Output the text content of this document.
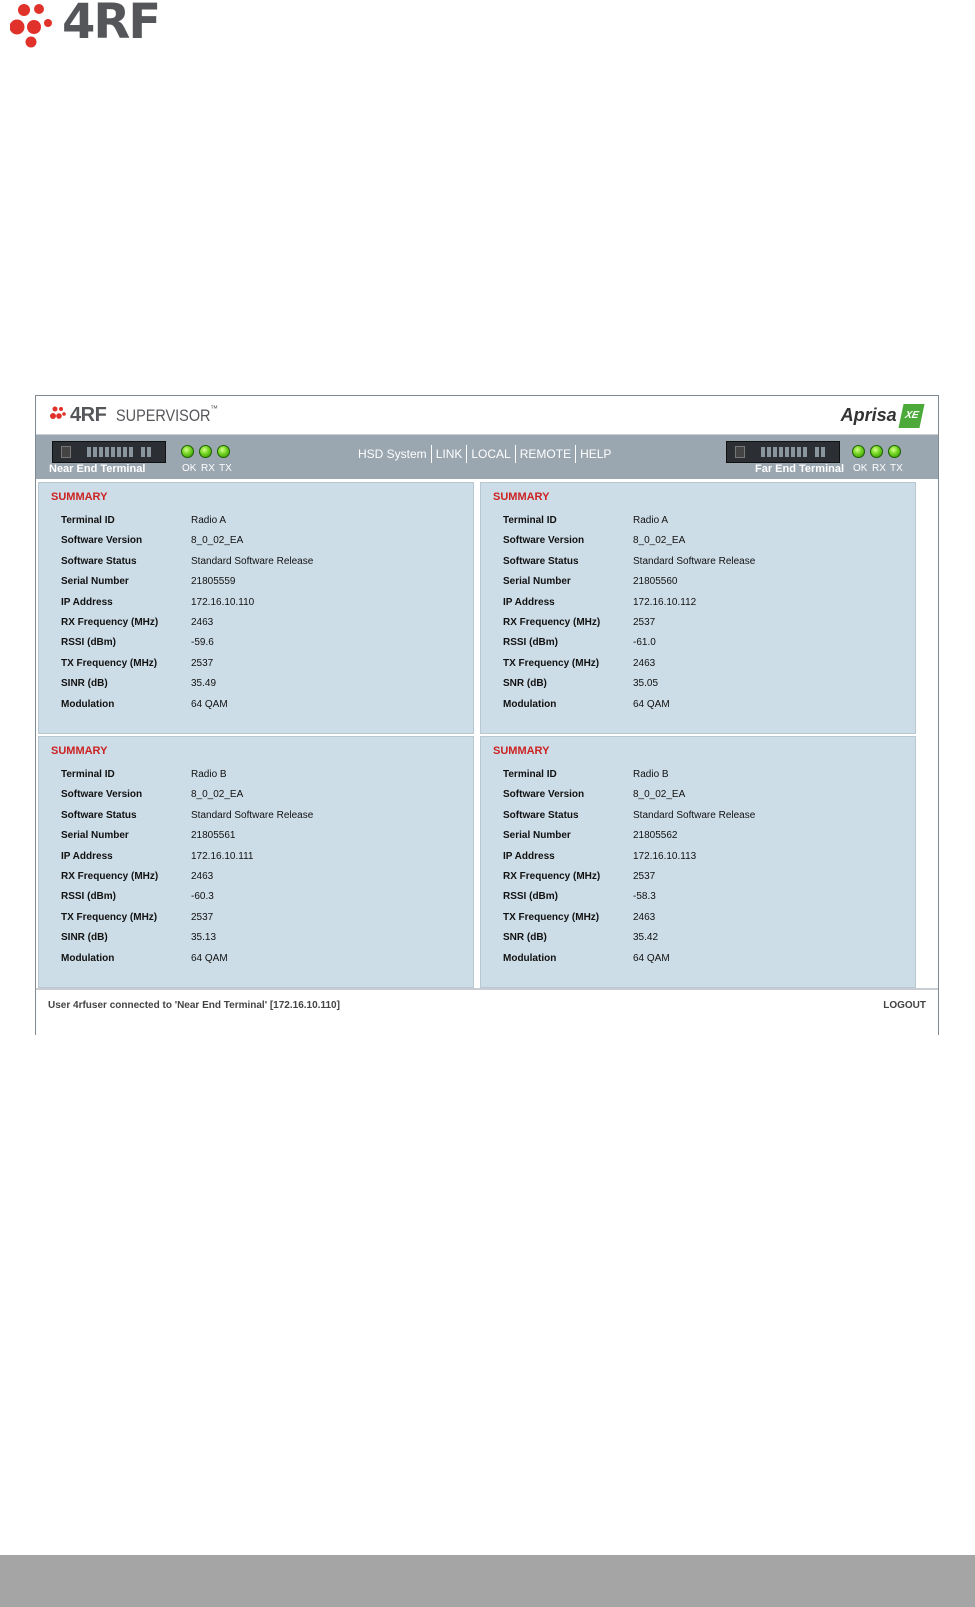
4RF
4RF SUPERVISOR ™	Aprisa XE
Near End Terminal	OK RX TX
HSD System LINK LOCAL REMOTE HELP
Far End Terminal OK RX TX
SUMMARY
Terminal ID	Radio A
Software Version	8_0_02_EA
Software Status	Standard Software Release
Serial Number	21805559
IP Address	172.16.10.110
RX Frequency (MHz)	2463
RSSI (dBm)	-59.6
TX Frequency (MHz)	2537
SINR (dB)	35.49
Modulation	64 QAM
SUMMARY
Terminal ID	Radio A
Software Version	8_0_02_EA
Software Status	Standard Software Release
Serial Number	21805560
IP Address	172.16.10.112
RX Frequency (MHz)	2537
RSSI (dBm)	-61.0
TX Frequency (MHz)	2463
SNR (dB)	35.05
Modulation	64 QAM
SUMMARY
Terminal ID	Radio B
Software Version	8_0_02_EA
Software Status	Standard Software Release
Serial Number	21805561
IP Address	172.16.10.111
RX Frequency (MHz)	2463
RSSI (dBm)	-60.3
TX Frequency (MHz)	2537
SINR (dB)	35.13
Modulation	64 QAM
SUMMARY
Terminal ID	Radio B
Software Version	8_0_02_EA
Software Status	Standard Software Release
Serial Number	21805562
IP Address	172.16.10.113
RX Frequency (MHz)	2537
RSSI (dBm)	-58.3
TX Frequency (MHz)	2463
SNR (dB)	35.42
Modulation	64 QAM
User 4rfuser connected to 'Near End Terminal' [172.16.10.110]	LOGOUT
